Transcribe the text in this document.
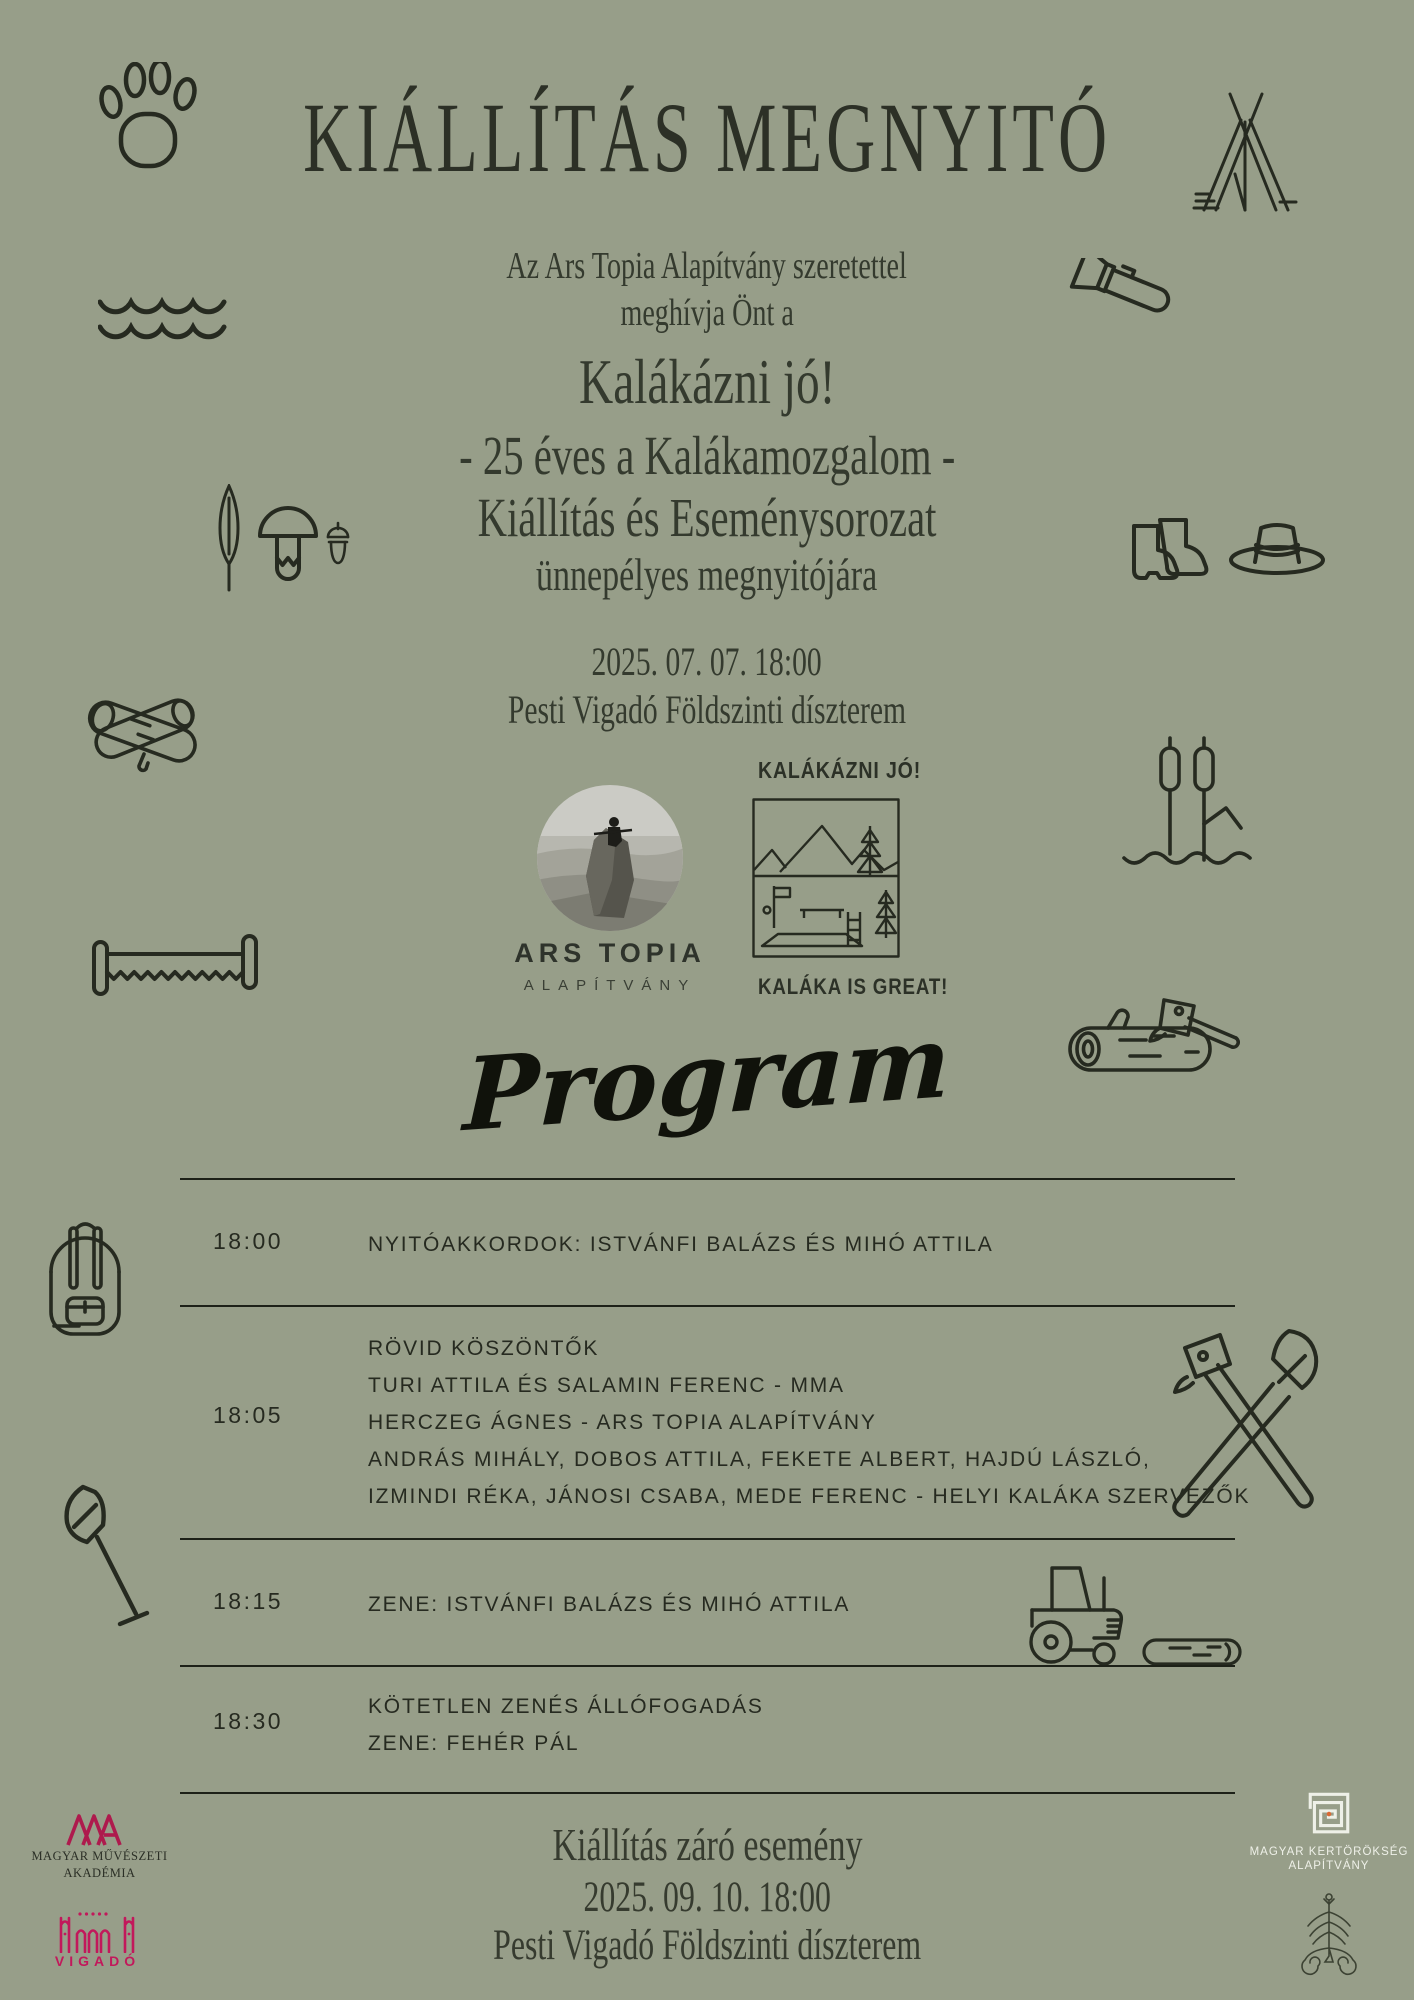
KIÁLLÍTÁS MEGNYITÓ
Az Ars Topia Alapítvány szeretettel
meghívja Önt a
Kalákázni jó!
- 25 éves a Kalákamozgalom -
Kiállítás és Eseménysorozat
ünnepélyes megnyitójára
2025. 07. 07. 18:00
Pesti Vigadó Földszinti díszterem
ARS TOPIA
ALAPÍTVÁNY
KALÁKÁZNI JÓ!
KALÁKA IS GREAT!
Program
18:00	NYITÓAKKORDOK: ISTVÁNFI BALÁZS ÉS MIHÓ ATTILA
18:05
RÖVID KÖSZÖNTŐK
TURI ATTILA ÉS SALAMIN FERENC - MMA
HERCZEG ÁGNES - ARS TOPIA ALAPÍTVÁNY
ANDRÁS MIHÁLY, DOBOS ATTILA, FEKETE ALBERT, HAJDÚ LÁSZLÓ,
IZMINDI RÉKA, JÁNOSI CSABA, MEDE FERENC - HELYI KALÁKA SZERVEZŐK
18:15	ZENE: ISTVÁNFI BALÁZS ÉS MIHÓ ATTILA
18:30
KÖTETLEN ZENÉS ÁLLÓFOGADÁS
ZENE: FEHÉR PÁL
Kiállítás záró esemény
2025. 09. 10. 18:00
Pesti Vigadó Földszinti díszterem
MAGYAR MŰVÉSZETI
AKADÉMIA
VIGADÓ
MAGYAR KERTÖRÖKSÉG
ALAPÍTVÁNY
